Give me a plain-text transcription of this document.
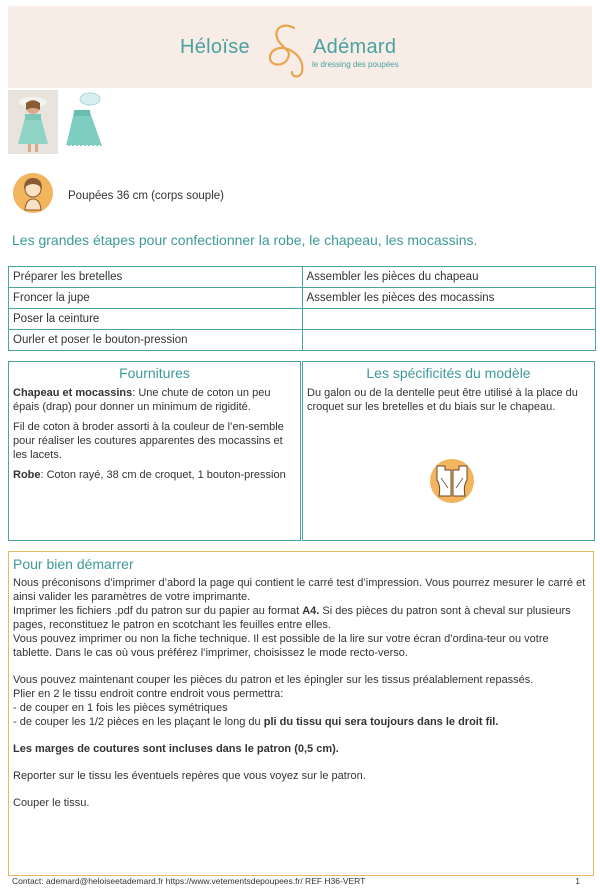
Héloïse	Adémard
le dressing des poupées
Poupées 36 cm (corps souple)
Les grandes étapes pour confectionner la robe, le chapeau, les mocassins.
Préparer les bretelles	Assembler les pièces du chapeau
Froncer la jupe	Assembler les pièces des mocassins
Poser la ceinture	
Ourler et poser le bouton-pression	
Fournitures

Chapeau et mocassins: Une chute de coton un peu épais (drap) pour donner un minimum de rigidité.

Fil de coton à broder assorti à la couleur de l’en-semble pour réaliser les coutures apparentes des mocassins et les lacets.

Robe: Coton rayé, 38 cm de croquet, 1 bouton-pression

Les spécificités du modèle
Du galon ou de la dentelle peut être utilisé à la place du croquet sur les bretelles et du biais sur le chapeau.
Pour bien démarrer

Nous préconisons d’imprimer d’abord la page qui contient le carré test d’impression. Vous pourrez mesurer le carré et ainsi valider les paramètres de votre imprimante.

Imprimer les fichiers .pdf du patron sur du papier au format A4. Si des pièces du patron sont à cheval sur plusieurs pages, reconstituez le patron en scotchant les feuilles entre elles.

Vous pouvez imprimer ou non la fiche technique. Il est possible de la lire sur votre écran d’ordina-teur ou votre tablette. Dans le cas où vous préférez l’imprimer, choisissez le mode recto-verso.

Vous pouvez maintenant couper les pièces du patron et les épingler sur les tissus préalablement repassés.

Plier en 2 le tissu endroit contre endroit vous permettra:

- de couper en 1 fois les pièces symétriques

- de couper les 1/2 pièces en les plaçant le long du pli du tissu qui sera toujours dans le droit fil.

Les marges de coutures sont incluses dans le patron (0,5 cm).

Reporter sur le tissu les éventuels repères que vous voyez sur le patron.

Couper le tissu.

Contact: ademard@heloiseetademard.fr https://www.vetementsdepoupees.fr/ REF H36-VERT	1
